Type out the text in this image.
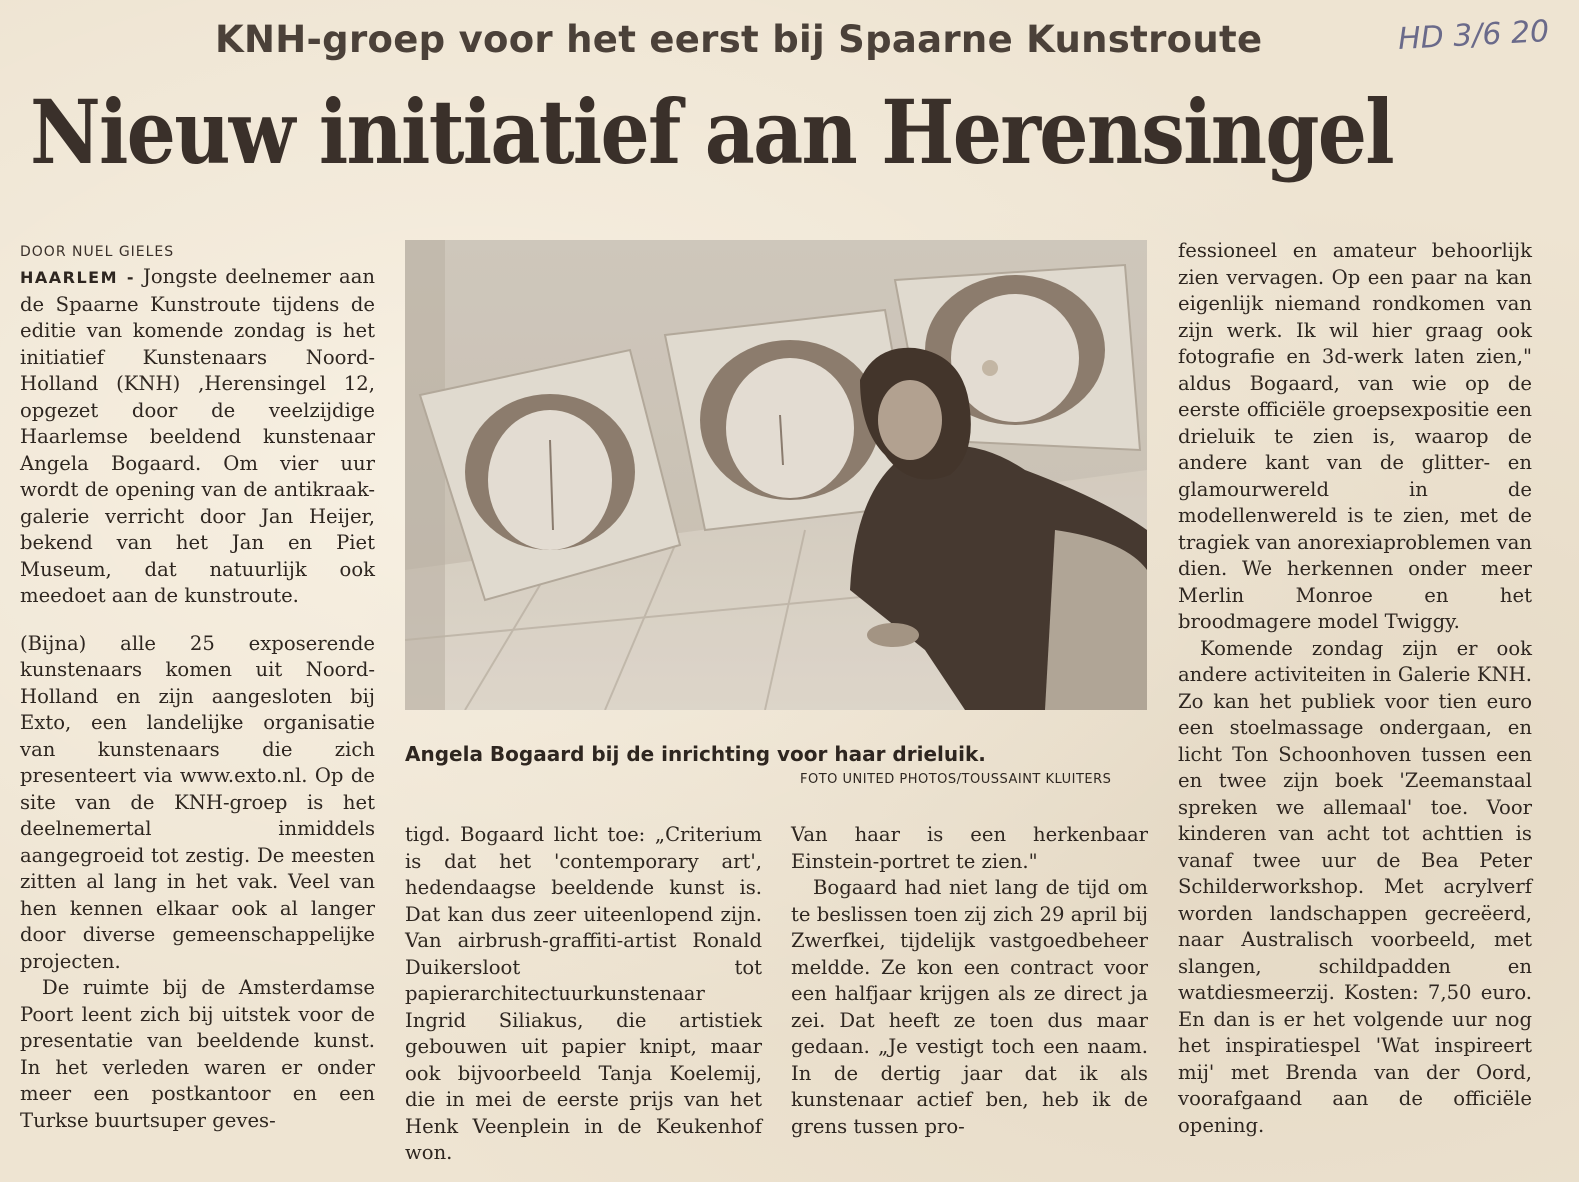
KNH-groep voor het eerst bij Spaarne Kunstroute	HD 3/6 20
Nieuw initiatief aan Herensingel
DOOR NUEL GIELES

HAARLEM - Jongste deelnemer aan de Spaarne Kunstroute tijdens de editie van komende zondag is het initiatief Kunstenaars Noord-Holland (KNH) ,Herensingel 12, opgezet door de veelzijdige Haarlemse beeldend kunstenaar Angela Bogaard. Om vier uur wordt de opening van de antikraak-galerie verricht door Jan Heijer, bekend van het Jan en Piet Museum, dat natuurlijk ook meedoet aan de kunstroute.

(Bijna) alle 25 exposerende kunstenaars komen uit Noord-Holland en zijn aangesloten bij Exto, een landelijke organisatie van kunstenaars die zich presenteert via www.exto.nl. Op de site van de KNH-groep is het deelnemertal inmiddels aangegroeid tot zestig. De meesten zitten al lang in het vak. Veel van hen kennen elkaar ook al langer door diverse gemeenschappelijke projecten.

De ruimte bij de Amsterdamse Poort leent zich bij uitstek voor de presentatie van beeldende kunst. In het verleden waren er onder meer een postkantoor en een Turkse buurtsuper geves-

Angela Bogaard bij de inrichting voor haar drieluik.
FOTO UNITED PHOTOS/TOUSSAINT KLUITERS

tigd. Bogaard licht toe: „Criterium is dat het 'contemporary art', hedendaagse beeldende kunst is. Dat kan dus zeer uiteenlopend zijn. Van airbrush-graffiti-artist Ronald Duikersloot tot papierarchitectuurkunstenaar Ingrid Siliakus, die artistiek gebouwen uit papier knipt, maar ook bijvoorbeeld Tanja Koelemij, die in mei de eerste prijs van het Henk Veenplein in de Keukenhof won.

Van haar is een herkenbaar Einstein-portret te zien."

Bogaard had niet lang de tijd om te beslissen toen zij zich 29 april bij Zwerfkei, tijdelijk vastgoedbeheer meldde. Ze kon een contract voor een halfjaar krijgen als ze direct ja zei. Dat heeft ze toen dus maar gedaan. „Je vestigt toch een naam. In de dertig jaar dat ik als kunstenaar actief ben, heb ik de grens tussen pro-

fessioneel en amateur behoorlijk zien vervagen. Op een paar na kan eigenlijk niemand rondkomen van zijn werk. Ik wil hier graag ook fotografie en 3d-werk laten zien," aldus Bogaard, van wie op de eerste officiële groepsexpositie een drieluik te zien is, waarop de andere kant van de glitter- en glamourwereld in de modellenwereld is te zien, met de tragiek van anorexiaproblemen van dien. We herkennen onder meer Merlin Monroe en het broodmagere model Twiggy.

Komende zondag zijn er ook andere activiteiten in Galerie KNH. Zo kan het publiek voor tien euro een stoelmassage ondergaan, en licht Ton Schoonhoven tussen een en twee zijn boek 'Zeemanstaal spreken we allemaal' toe. Voor kinderen van acht tot achttien is vanaf twee uur de Bea Peter Schilderworkshop. Met acrylverf worden landschappen gecreëerd, naar Australisch voorbeeld, met slangen, schildpadden en watdiesmeerzij. Kosten: 7,50 euro. En dan is er het volgende uur nog het inspiratiespel 'Wat inspireert mij' met Brenda van der Oord, voorafgaand aan de officiële opening.
